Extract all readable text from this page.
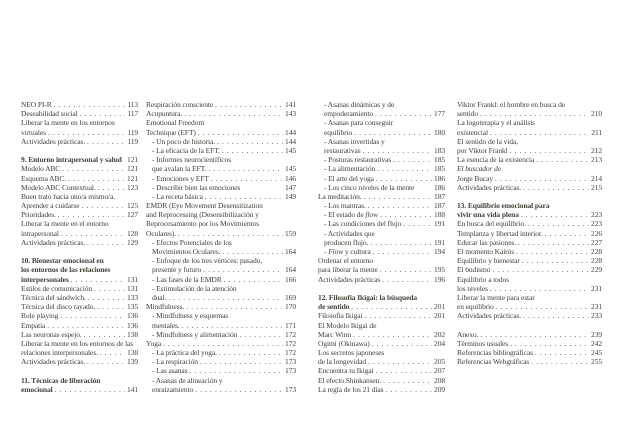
NEO PI-R . . .	113
Deseabilidad social . . .	117
Liberar la mente en los entornos
virtuales . . .	119
Actividades prácticas. . . .	119
9. Entorno intrapersonal y salud 121
Modelo ABC . . .	121
Esquema ABC. . . .	121
Modelo ABC Contextual. . . .	123
Buen trato hacia uno/a mismo/a.
Aprender a cuidarse . . .	125
Prioridades. . . .	127
Liberar la mente en el entorno
intrapersonal . . .	128
Actividades prácticas. . . .	129
10. Bienestar emocional en
los entornos de las relaciones
interpersonales . . .	131
Estilos de comunicación . . .	131
Técnica del sándwich. . . .	133
Técnica del disco rayado. . . .	135
Role playing . . .	136
Empatía . . .	136
Las neuronas espejo. . . .	138
Liberar la mente en los entornos de las
relaciones interpersonales. . . .	138
Actividades prácticas. . . .	139
11. Técnicas de liberación
emocional . . .	141
Respiración consciente . . .	141
Acupuntura. . . .	143
Emotional Freedom
Technique (EFT) . . .	144
- Un poco de historia. . . .	144
- La eficacia de la EFT. . . .	145
- Informes neurocientíficos
que avalan la EFT. . . .	145
- Emociones y EFT . . .	146
- Describir bien las emociones	147
- La receta básica . . .	149
EMDR (Eye Movement Desensitization
and Reprocessing (Desensibilización y
Reprocesamiento por los Movimientos
Oculares). . . .	159
- Efectos Potenciales de los
Movimientos Oculares. . . .	164
- Enfoque de los tres vértices: pasado,
presente y futuro . . .	164
- Las fases de la EMDR . . .	166
- Estimulación de la atención
dual. . . .	169
Mindfulness. . . .	170
- Mindfulness y esquemas
mentales. . . .	171
- Mindfulness y alimentación . . .	172
Yoga . . .	172
- La práctica del yoga. . . .	172
- La respiración . . .	173
- Las asanas . . .	173
- Asanas de alineación y
enraizamiento . . .	173
- Asanas dinámicas y de
empoderamiento . . .	177
- Asanas para conseguir
equilibrio . . .	180
- Asanas invertidas y
restaurativas . . .	183
- Posturas restaurativas . . .	185
- La alimentación . . .	185
- El arte del yoga . . .	186
- Los cinco niveles de la mente	186
La meditación. . . .	187
- Los mantras. . . .	187
- El estado de flow . . .	188
- Las condiciones del flujo . . .	191
- Actividades que
producen flujo. . . .	191
- Flow y cultura . . .	194
Ordenar el entorno
para liberar la mente . . .	195
Actividades prácticas . . .	196
12. Filosofía Ikigai: la búsqueda
de sentido . . .	201
Filosofía Ikigai . . .	201
El Modelo Ikigai de
Marc Winn . . .	202
Ogimi (Okinawa) . . .	204
Los secretos japoneses
de la longevidad . . .	205
Encuentra tu Ikigai . . .	207
El efecto Shinkansen. . . .	208
La regla de los 21 días . . .	209
Viktor Frankl: el hombre en busca de
sentido . . .	210
La logoterapia y el análisis
existencial . . .	211
El sentido de la vida,
por Viktor Frankl . . .	212
La esencia de la existencia . . .	213
El buscador de
Jorge Bucay . . .	214
Actividades prácticas. . . .	215
13. Equilibrio emocional para
vivir una vida plena . . .	223
En busca del equilibrio. . . .	223
Templanza y libertad interior. . . .	226
Educar las pasiones. . . .	227
El momento Kairós . . .	228
Equilibrio y bienestar . . .	228
El budismo . . .	229
Equilibrio a todos
los niveles . . .	231
Liberar la mente para estar
en equilibrio . . .	231
Actividades prácticas. . . .	233
Anexo. . . .	239
Términos usuales . . .	242
Referencias bibliográficas . . .	245
Referencias Webgráficas . . .	255
